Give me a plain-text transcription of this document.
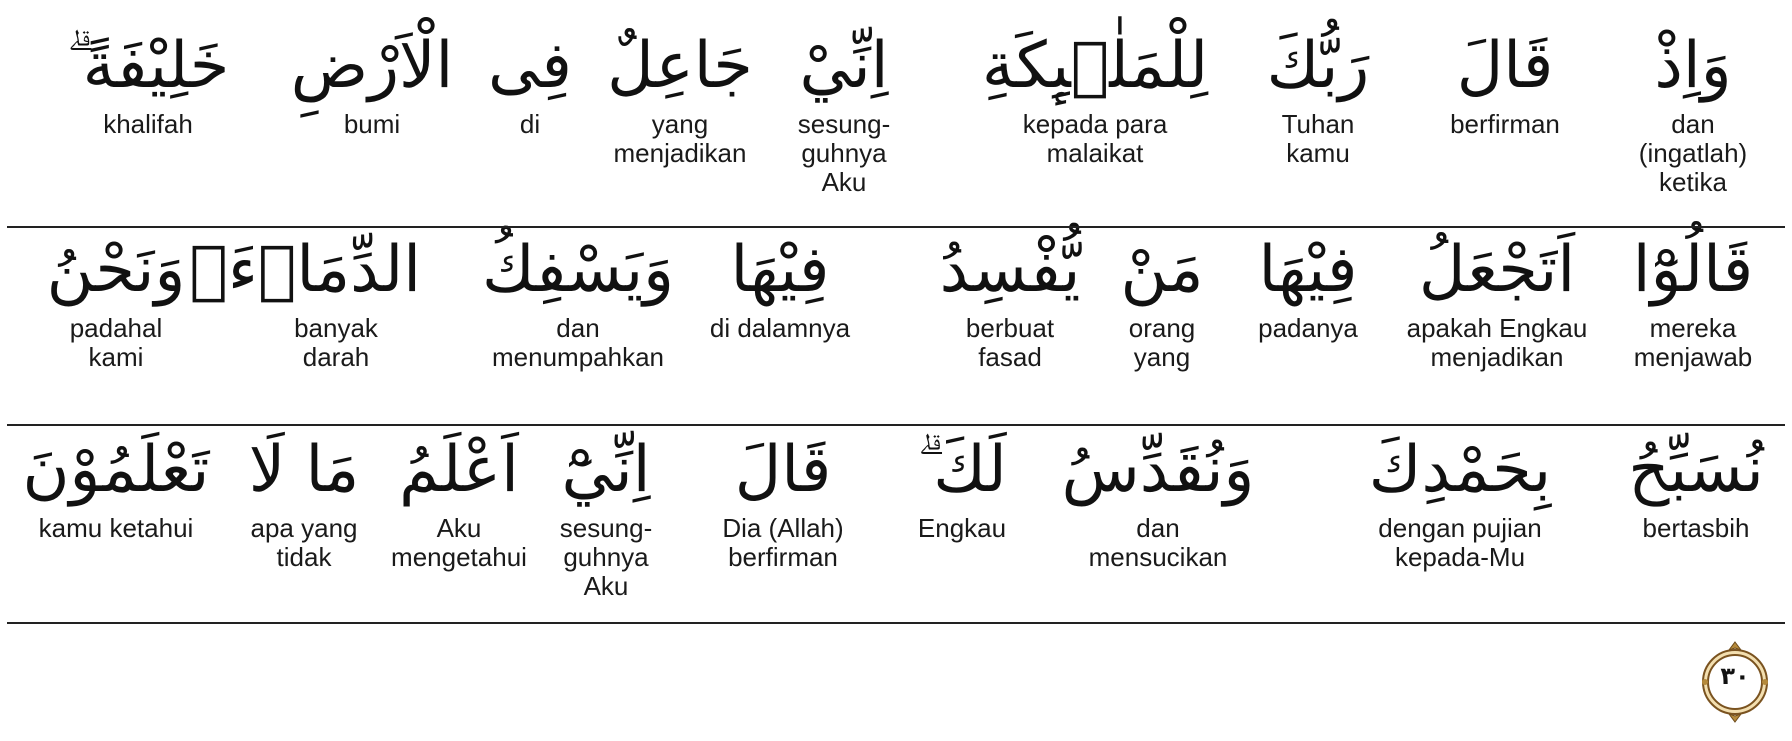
وَاِذْ
dan
(ingatlah)
ketika
قَالَ
berfirman
رَبُّكَ
Tuhan
kamu
لِلْمَلٰۤىِٕكَةِ
kepada para
malaikat
اِنِّيْ
sesung-
guhnya
Aku
جَاعِلٌ
yang
menjadikan
فِى
di
الْاَرْضِ
bumi
خَلِيْفَةً ۗ
khalifah
قَالُوْٓا
mereka
menjawab
اَتَجْعَلُ
apakah Engkau
menjadikan
فِيْهَا
padanya
مَنْ
orang
yang
يُّفْسِدُ
berbuat
fasad
فِيْهَا
di dalamnya
وَيَسْفِكُ
dan
menumpahkan
الدِّمَاۤءَۚ
banyak
darah
وَنَحْنُ
padahal
kami
نُسَبِّحُ
bertasbih
بِحَمْدِكَ
dengan pujian
kepada-Mu
وَنُقَدِّسُ
dan
mensucikan
لَكَ ۗ
Engkau
قَالَ
Dia (Allah)
berfirman
اِنِّيْٓ
sesung-
guhnya
Aku
اَعْلَمُ
Aku
mengetahui
مَا لَا
apa yang
tidak
تَعْلَمُوْنَ
kamu ketahui
٣٠
